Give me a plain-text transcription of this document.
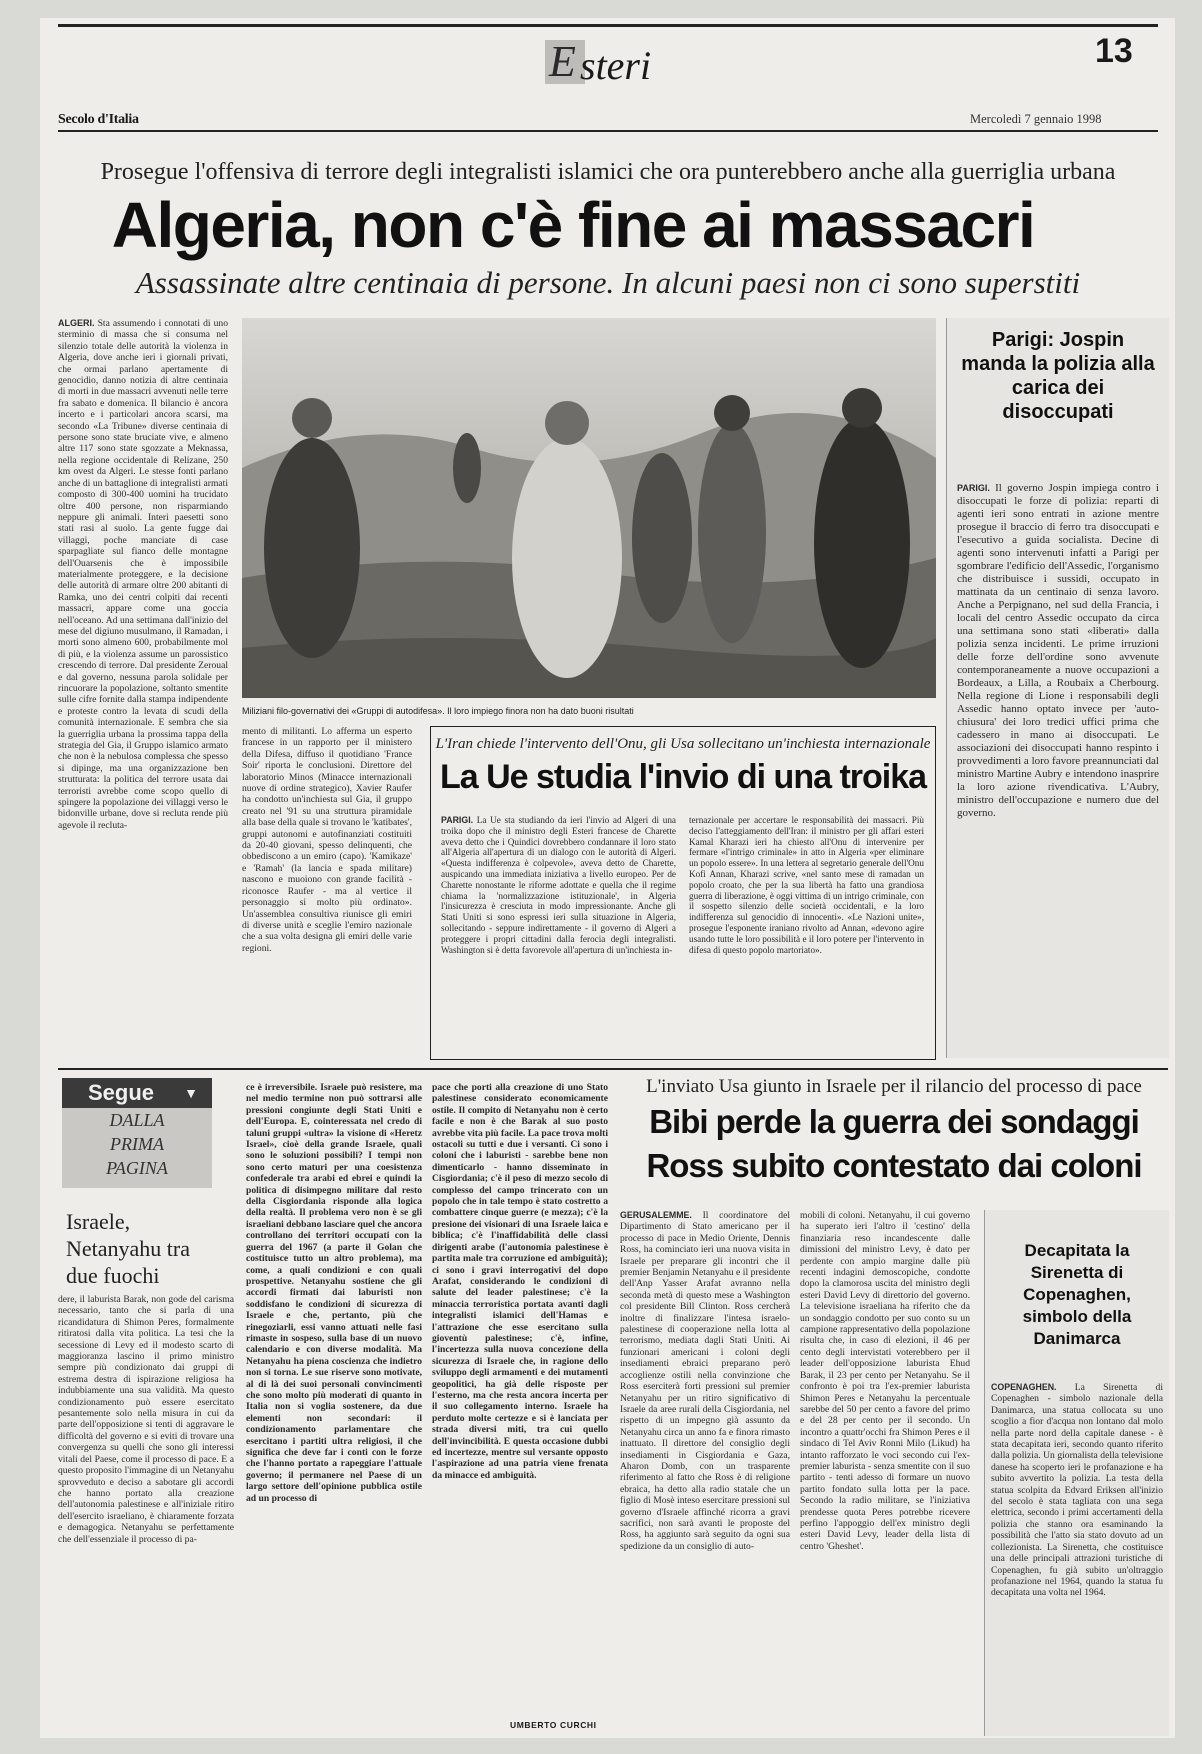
E steri	13
Secolo d'Italia	Mercoledì 7 gennaio 1998
Prosegue l'offensiva di terrore degli integralisti islamici che ora punterebbero anche alla guerriglia urbana
Algeria, non c'è fine ai massacri
Assassinate altre centinaia di persone. In alcuni paesi non ci sono superstiti

ALGERI. Sta assumendo i connotati di uno sterminio di massa che si consuma nel silenzio totale delle autorità la violenza in Algeria, dove anche ieri i giornali privati, che ormai parlano apertamente di genocidio, danno notizia di altre centinaia di morti in due massacri avvenuti nelle terre fra sabato e domenica. Il bilancio è ancora incerto e i particolari ancora scarsi, ma secondo «La Tribune» diverse centinaia di persone sono state bruciate vive, e almeno altre 117 sono state sgozzate a Meknassa, nella regione occidentale di Relizane, 250 km ovest da Algeri. Le stesse fonti parlano anche di un battaglione di integralisti armati composto di 300-400 uomini ha trucidato oltre 400 persone, non risparmiando neppure gli animali. Interi paesetti sono stati rasi al suolo. La gente fugge dai villaggi, poche manciate di case sparpagliate sul fianco delle montagne dell'Ouarsenis che è impossibile materialmente proteggere, e la decisione delle autorità di armare oltre 200 abitanti di Ramka, uno dei centri colpiti dai recenti massacri, appare come una goccia nell'oceano. Ad una settimana dall'inizio del mese del digiuno musulmano, il Ramadan, i morti sono almeno 600, probabilmente mol di più, e la violenza assume un parossistico crescendo di terrore. Dal presidente Zeroual e dal governo, nessuna parola solidale per rincuorare la popolazione, soltanto smentite sulle cifre fornite dalla stampa indipendente e proteste contro la levata di scudi della comunità internazionale. E sembra che sia la guerriglia urbana la prossima tappa della strategia del Gia, il Gruppo islamico armato che non è la nebulosa complessa che spesso si dipinge, ma una organizzazione ben strutturata: la politica del terrore usata dai terroristi avrebbe come scopo quello di spingere la popolazione dei villaggi verso le bidonville urbane, dove si recluta rende più agevole il recluta-

Miliziani filo-governativi dei «Gruppi di autodifesa». Il loro impiego finora non ha dato buoni risultati

mento di militanti. Lo afferma un esperto francese in un rapporto per il ministero della Difesa, diffuso il quotidiano 'France Soir' riporta le conclusioni. Direttore del laboratorio Minos (Minacce internazionali nuove di ordine strategico), Xavier Raufer ha condotto un'inchiesta sul Gia, il gruppo creato nel '91 su una struttura piramidale alla base della quale si trovano le 'katibates', gruppi autonomi e autofinanziati costituiti da 20-40 giovani, spesso delinquenti, che obbediscono a un emiro (capo). 'Kamikaze' e 'Ramah' (la lancia e spada militare) nascono e muoiono con grande facilità - riconosce Raufer - ma al vertice il personaggio si molto più ordinato». Un'assemblea consultiva riunisce gli emiri di diverse unità e sceglie l'emiro nazionale che a sua volta designa gli emiri delle varie regioni.

L'Iran chiede l'intervento dell'Onu, gli Usa sollecitano un'inchiesta internazionale
La Ue studia l'invio di una troika

PARIGI. La Ue sta studiando da ieri l'invio ad Algeri di una troika dopo che il ministro degli Esteri francese de Charette aveva detto che i Quindici dovrebbero condannare il loro stato all'Algeria all'apertura di un dialogo con le autorità di Algeri. «Questa indifferenza è colpevole», aveva detto de Charette, auspicando una immediata iniziativa a livello europeo. Per de Charette nonostante le riforme adottate e quella che il regime chiama la 'normalizzazione istituzionale', in Algeria l'insicurezza è cresciuta in modo impressionante. Anche gli Stati Uniti si sono espressi ieri sulla situazione in Algeria, sollecitando - seppure indirettamente - il governo di Algeri a proteggere i propri cittadini dalla ferocia degli integralisti. Washington si è detta favorevole all'apertura di un'inchiesta in-

ternazionale per accertare le responsabilità dei massacri. Più deciso l'atteggiamento dell'Iran: il ministro per gli affari esteri Kamal Kharazi ieri ha chiesto all'Onu di intervenire per fermare «l'intrigo criminale» in atto in Algeria «per eliminare un popolo essere». In una lettera al segretario generale dell'Onu Kofi Annan, Kharazi scrive, «nel santo mese di ramadan un popolo croato, che per la sua libertà ha fatto una grandiosa guerra di liberazione, è oggi vittima di un intrigo criminale, con il sospetto silenzio delle società occidentali, e la loro indifferenza sul genocidio di innocenti». «Le Nazioni unite», prosegue l'esponente iraniano rivolto ad Annan, «devono agire usando tutte le loro possibilità e il loro potere per l'intervento in difesa di questo popolo martoriato».

Parigi: Jospin manda la polizia alla carica dei disoccupati

PARIGI. Il governo Jospin impiega contro i disoccupati le forze di polizia: reparti di agenti ieri sono entrati in azione mentre prosegue il braccio di ferro tra disoccupati e l'esecutivo a guida socialista. Decine di agenti sono intervenuti infatti a Parigi per sgombrare l'edificio dell'Assedic, l'organismo che distribuisce i sussidi, occupato in mattinata da un centinaio di senza lavoro. Anche a Perpignano, nel sud della Francia, i locali del centro Assedic occupato da circa una settimana sono stati «liberati» dalla polizia senza incidenti. Le prime irruzioni delle forze dell'ordine sono avvenute contemporaneamente a nuove occupazioni a Bordeaux, a Lilla, a Roubaix a Cherbourg. Nella regione di Lione i responsabili degli Assedic hanno optato invece per 'auto-chiusura' dei loro tredici uffici prima che cadessero in mano ai disoccupati. Le associazioni dei disoccupati hanno respinto i provvedimenti a loro favore preannunciati dal ministro Martine Aubry e intendono inasprire la loro azione rivendicativa. L'Aubry, ministro dell'occupazione e numero due del governo.

Segue ▼
DALLA
PRIMA
PAGINA
Israele, Netanyahu tra due fuochi

dere, il laburista Barak, non gode del carisma necessario, tanto che si parla di una ricandidatura di Shimon Peres, formalmente ritiratosi dalla vita politica. La tesi che la secessione di Levy ed il modesto scarto di maggioranza lascino il primo ministro sempre più condizionato dai gruppi di estrema destra di ispirazione religiosa ha indubbiamente una sua validità. Ma questo condizionamento può essere esercitato pesantemente solo nella misura in cui da parte dell'opposizione si tenti di aggravare le difficoltà del governo e si eviti di trovare una convergenza su quelli che sono gli interessi vitali del Paese, come il processo di pace. E a questo proposito l'immagine di un Netanyahu sprovveduto e deciso a sabotare gli accordi che hanno portato alla creazione dell'autonomia palestinese e all'iniziale ritiro dell'esercito israeliano, è chiaramente forzata e demagogica. Netanyahu se perfettamente che dell'essenziale il processo di pa-

ce è irreversibile. Israele può resistere, ma nel medio termine non può sottrarsi alle pressioni congiunte degli Stati Uniti e dell'Europa. E, cointeressata nel credo di taluni gruppi «ultra» la visione di «Heretz Israel», cioè della grande Israele, quali sono le soluzioni possibili? I tempi non sono certo maturi per una coesistenza confederale tra arabi ed ebrei e quindi la politica di disimpegno militare dal resto della Cisgiordania risponde alla logica della realtà. Il problema vero non è se gli israeliani debbano lasciare quel che ancora controllano dei territori occupati con la guerra del 1967 (a parte il Golan che costituisce tutto un altro problema), ma come, a quali condizioni e con quali prospettive. Netanyahu sostiene che gli accordi firmati dai laburisti non soddisfano le condizioni di sicurezza di Israele e che, pertanto, più che rinegoziarli, essi vanno attuati nelle fasi rimaste in sospeso, sulla base di un nuovo calendario e con diverse modalità. Ma Netanyahu ha piena coscienza che indietro non si torna. Le sue riserve sono motivate, al di là dei suoi personali convincimenti che sono molto più moderati di quanto in Italia non si voglia sostenere, da due elementi non secondari: il condizionamento parlamentare che esercitano i partiti ultra religiosi, il che significa che deve far i conti con le forze che l'hanno portato a rapeggiare l'attuale governo; il permanere nel Paese di un largo settore dell'opinione pubblica ostile ad un processo di

pace che porti alla creazione di uno Stato palestinese considerato economicamente ostile. Il compito di Netanyahu non è certo facile e non è che Barak al suo posto avrebbe vita più facile. La pace trova molti ostacoli su tutti e due i versanti. Ci sono i coloni che i laburisti - sarebbe bene non dimenticarlo - hanno disseminato in Cisgiordania; c'è il peso di mezzo secolo di complesso del campo trincerato con un popolo che in tale tempo è stato costretto a combattere cinque guerre (e mezza); c'è la presione dei visionari di una Israele laica e biblica; c'è l'inaffidabilità delle classi dirigenti arabe (l'autonomia palestinese è partita male tra corruzione ed ambiguità); ci sono i gravi interrogativi del dopo Arafat, considerando le condizioni di salute del leader palestinese; c'è la minaccia terroristica portata avanti dagli integralisti islamici dell'Hamas e l'attrazione che esse esercitano sulla gioventù palestinese; c'è, infine, l'incertezza sulla nuova concezione della sicurezza di Israele che, in ragione dello sviluppo degli armamenti e dei mutamenti geopolitici, ha già delle risposte per l'esterno, ma che resta ancora incerta per il suo collegamento interno. Israele ha perduto molte certezze e si è lanciata per strada diversi miti, tra cui quello dell'invincibilità. E questa occasione dubbi ed incertezze, mentre sul versante opposto l'aspirazione ad una patria viene frenata da minacce ed ambiguità.

UMBERTO CURCHI
L'inviato Usa giunto in Israele per il rilancio del processo di pace
Bibi perde la guerra dei sondaggi
Ross subito contestato dai coloni

GERUSALEMME. Il coordinatore del Dipartimento di Stato americano per il processo di pace in Medio Oriente, Dennis Ross, ha cominciato ieri una nuova visita in Israele per preparare gli incontri che il premier Benjamin Netanyahu e il presidente dell'Anp Yasser Arafat avranno nella seconda metà di questo mese a Washington col presidente Bill Clinton. Ross cercherà inoltre di finalizzare l'intesa israelo-palestinese di cooperazione nella lotta al terrorismo, mediata dagli Stati Uniti. Ai funzionari americani i coloni degli insediamenti ebraici preparano però accoglienze ostili nella convinzione che Ross eserciterà forti pressioni sul premier Netanyahu per un ritiro significativo di Israele da aree rurali della Cisgiordania, nel rispetto di un impegno già assunto da Netanyahu circa un anno fa e finora rimasto inattuato. Il direttore del consiglio degli insediamenti in Cisgiordania e Gaza, Aharon Domb, con un trasparente riferimento al fatto che Ross è di religione ebraica, ha detto alla radio statale che un figlio di Mosè inteso esercitare pressioni sul governo d'Israele affinché ricorra a gravi sacrifici, non sarà avanti le proposte del Ross, ha aggiunto sarà seguito da ogni sua spedizione da un consiglio di auto-

mobili di coloni. Netanyahu, il cui governo ha superato ieri l'altro il 'cestino' della finanziaria reso incandescente dalle dimissioni del ministro Levy, è dato per perdente con ampio margine dalle più recenti indagini demoscopiche, condotte dopo la clamorosa uscita del ministro degli esteri David Levy di direttorio del governo. La televisione israeliana ha riferito che da un sondaggio condotto per suo conto su un campione rappresentativo della popolazione risulta che, in caso di elezioni, il 46 per cento degli intervistati voterebbero per il leader dell'opposizione laburista Ehud Barak, il 23 per cento per Netanyahu. Se il confronto è poi tra l'ex-premier laburista Shimon Peres e Netanyahu la percentuale sarebbe del 50 per cento a favore del primo e del 28 per cento per il secondo. Un incontro a quattr'occhi fra Shimon Peres e il sindaco di Tel Aviv Ronni Milo (Likud) ha intanto rafforzato le voci secondo cui l'ex-premier laburista - senza smentite con il suo partito - tenti adesso di formare un nuovo partito fondato sulla lotta per la pace. Secondo la radio militare, se l'iniziativa prendesse quota Peres potrebbe ricevere perfino l'appoggio dell'ex ministro degli esteri David Levy, leader della lista di centro 'Gheshet'.

Decapitata la Sirenetta di Copenaghen, simbolo della Danimarca

COPENAGHEN. La Sirenetta di Copenaghen - simbolo nazionale della Danimarca, una statua collocata su uno scoglio a fior d'acqua non lontano dal molo nella parte nord della capitale danese - è stata decapitata ieri, secondo quanto riferito dalla polizia. Un giornalista della televisione danese ha scoperto ieri le profanazione e ha subito avvertito la polizia. La testa della statua scolpita da Edvard Eriksen all'inizio del secolo è stata tagliata con una sega elettrica, secondo i primi accertamenti della polizia che stanno ora esaminando la possibilità che l'atto sia stato dovuto ad un collezionista. La Sirenetta, che costituisce una delle principali attrazioni turistiche di Copenaghen, fu già subito un'oltraggio profanazione nel 1964, quando la statua fu decapitata una volta nel 1964.
